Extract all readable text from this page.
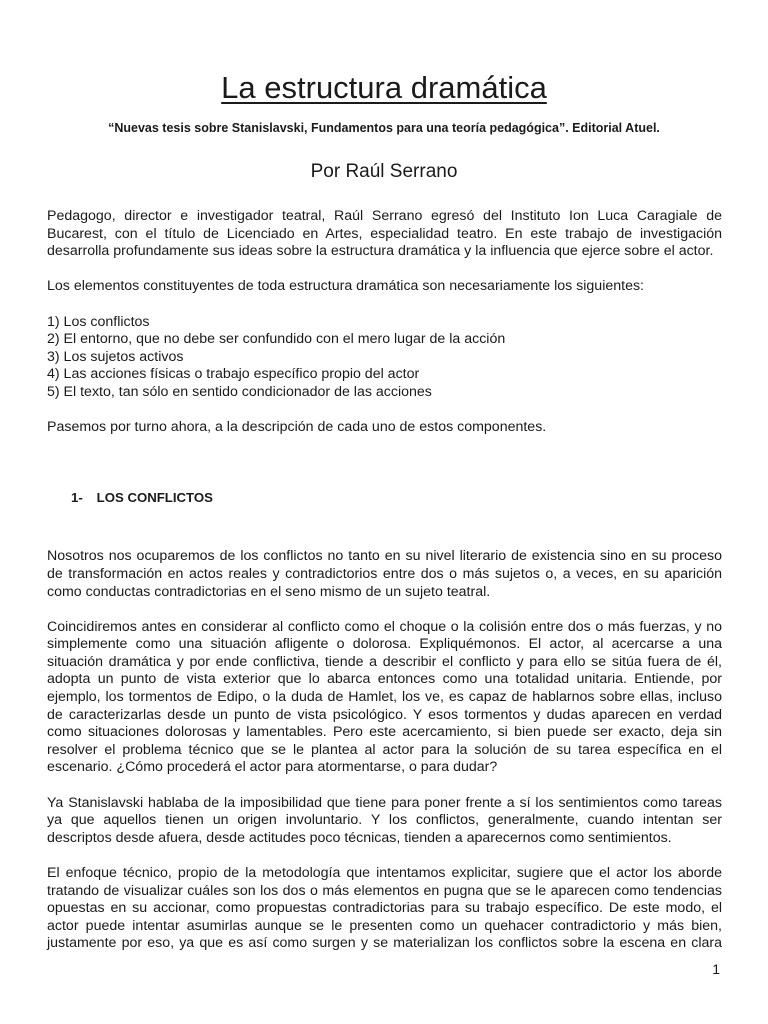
La estructura dramática
“Nuevas tesis sobre Stanislavski, Fundamentos para una teoría pedagógica”. Editorial Atuel.
Por Raúl Serrano

Pedagogo, director e investigador teatral, Raúl Serrano egresó del Instituto Ion Luca Caragiale de Bucarest, con el título de Licenciado en Artes, especialidad teatro. En este trabajo de investigación desarrolla profundamente sus ideas sobre la estructura dramática y la influencia que ejerce sobre el actor.

Los elementos constituyentes de toda estructura dramática son necesariamente los siguientes:

1) Los conflictos
2) El entorno, que no debe ser confundido con el mero lugar de la acción
3) Los sujetos activos
4) Las acciones físicas o trabajo específico propio del actor
5) El texto, tan sólo en sentido condicionador de las acciones

Pasemos por turno ahora, a la descripción de cada uno de estos componentes.

1- LOS CONFLICTOS

Nosotros nos ocuparemos de los conflictos no tanto en su nivel literario de existencia sino en su proceso de transformación en actos reales y contradictorios entre dos o más sujetos o, a veces, en su aparición como conductas contradictorias en el seno mismo de un sujeto teatral.

Coincidiremos antes en considerar al conflicto como el choque o la colisión entre dos o más fuerzas, y no simplemente como una situación afligente o dolorosa. Expliquémonos. El actor, al acercarse a una situación dramática y por ende conflictiva, tiende a describir el conflicto y para ello se sitúa fuera de él, adopta un punto de vista exterior que lo abarca entonces como una totalidad unitaria. Entiende, por ejemplo, los tormentos de Edipo, o la duda de Hamlet, los ve, es capaz de hablarnos sobre ellas, incluso de caracterizarlas desde un punto de vista psicológico. Y esos tormentos y dudas aparecen en verdad como situaciones dolorosas y lamentables. Pero este acercamiento, si bien puede ser exacto, deja sin resolver el problema técnico que se le plantea al actor para la solución de su tarea específica en el escenario. ¿Cómo procederá el actor para atormentarse, o para dudar?

Ya Stanislavski hablaba de la imposibilidad que tiene para poner frente a sí los sentimientos como tareas ya que aquellos tienen un origen involuntario. Y los conflictos, generalmente, cuando intentan ser descriptos desde afuera, desde actitudes poco técnicas, tienden a aparecernos como sentimientos.

El enfoque técnico, propio de la metodología que intentamos explicitar, sugiere que el actor los aborde tratando de visualizar cuáles son los dos o más elementos en pugna que se le aparecen como tendencias opuestas en su accionar, como propuestas contradictorias para su trabajo específico. De este modo, el actor puede intentar asumirlas aunque se le presenten como un quehacer contradictorio y más bien, justamente por eso, ya que es así como surgen y se materializan los conflictos sobre la escena en clara

1
